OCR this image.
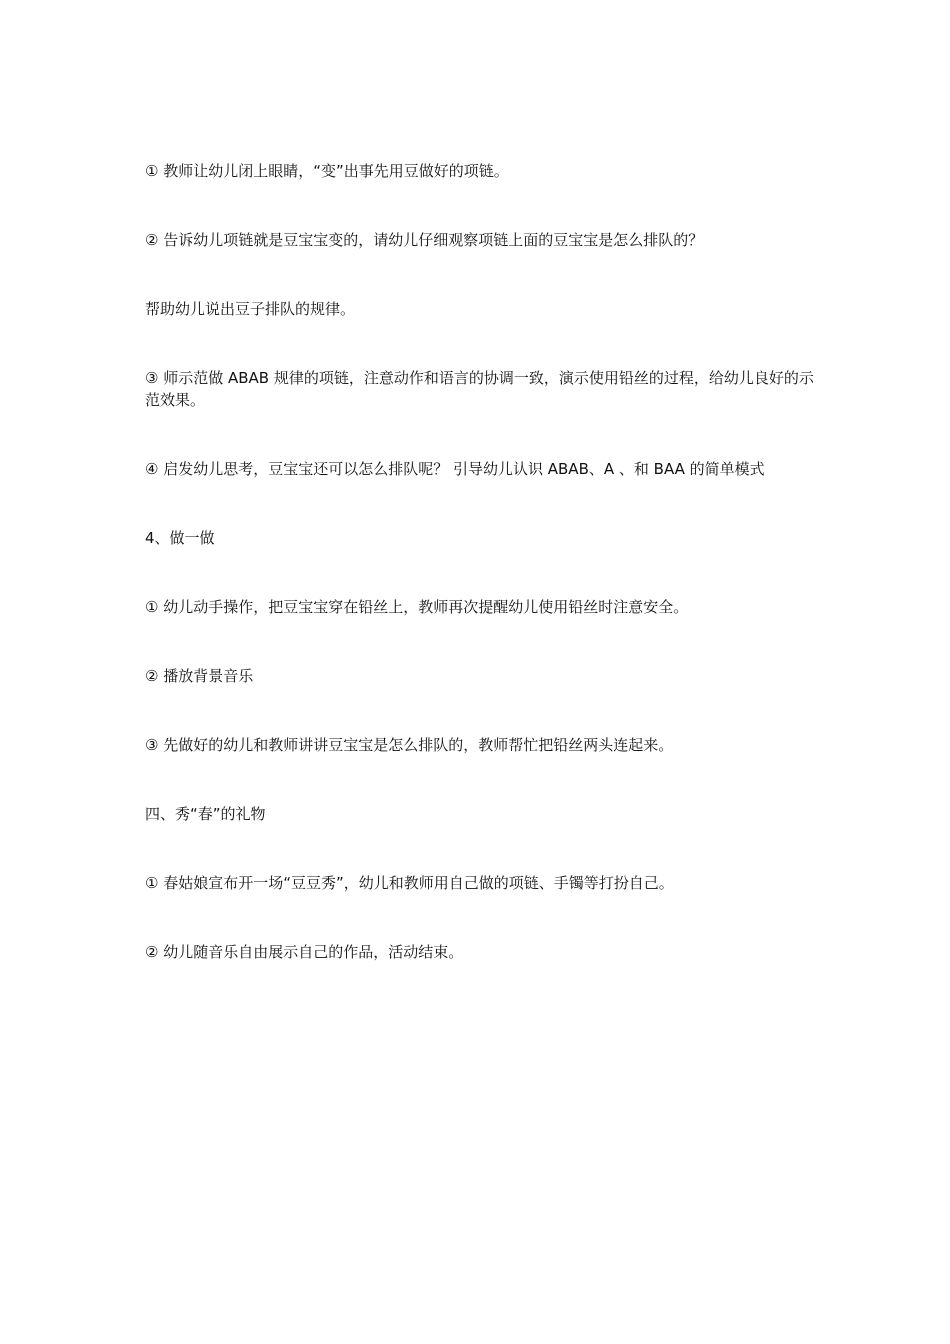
① 教师让幼儿闭上眼睛，“变”出事先用豆做好的项链。

② 告诉幼儿项链就是豆宝宝变的，请幼儿仔细观察项链上面的豆宝宝是怎么排队的？

帮助幼儿说出豆子排队的规律。

③ 师示范做 ABAB 规律的项链，注意动作和语言的协调一致，演示使用铅丝的过程，给幼儿良好的示范效果。

④ 启发幼儿思考，豆宝宝还可以怎么排队呢？ 引导幼儿认识 ABAB、A 、和 BAA 的简单模式

4、做一做

① 幼儿动手操作，把豆宝宝穿在铅丝上，教师再次提醒幼儿使用铅丝时注意安全。

② 播放背景音乐

③ 先做好的幼儿和教师讲讲豆宝宝是怎么排队的，教师帮忙把铅丝两头连起来。

四、秀“春”的礼物

① 春姑娘宣布开一场“豆豆秀”，幼儿和教师用自己做的项链、手镯等打扮自己。

② 幼儿随音乐自由展示自己的作品，活动结束。
